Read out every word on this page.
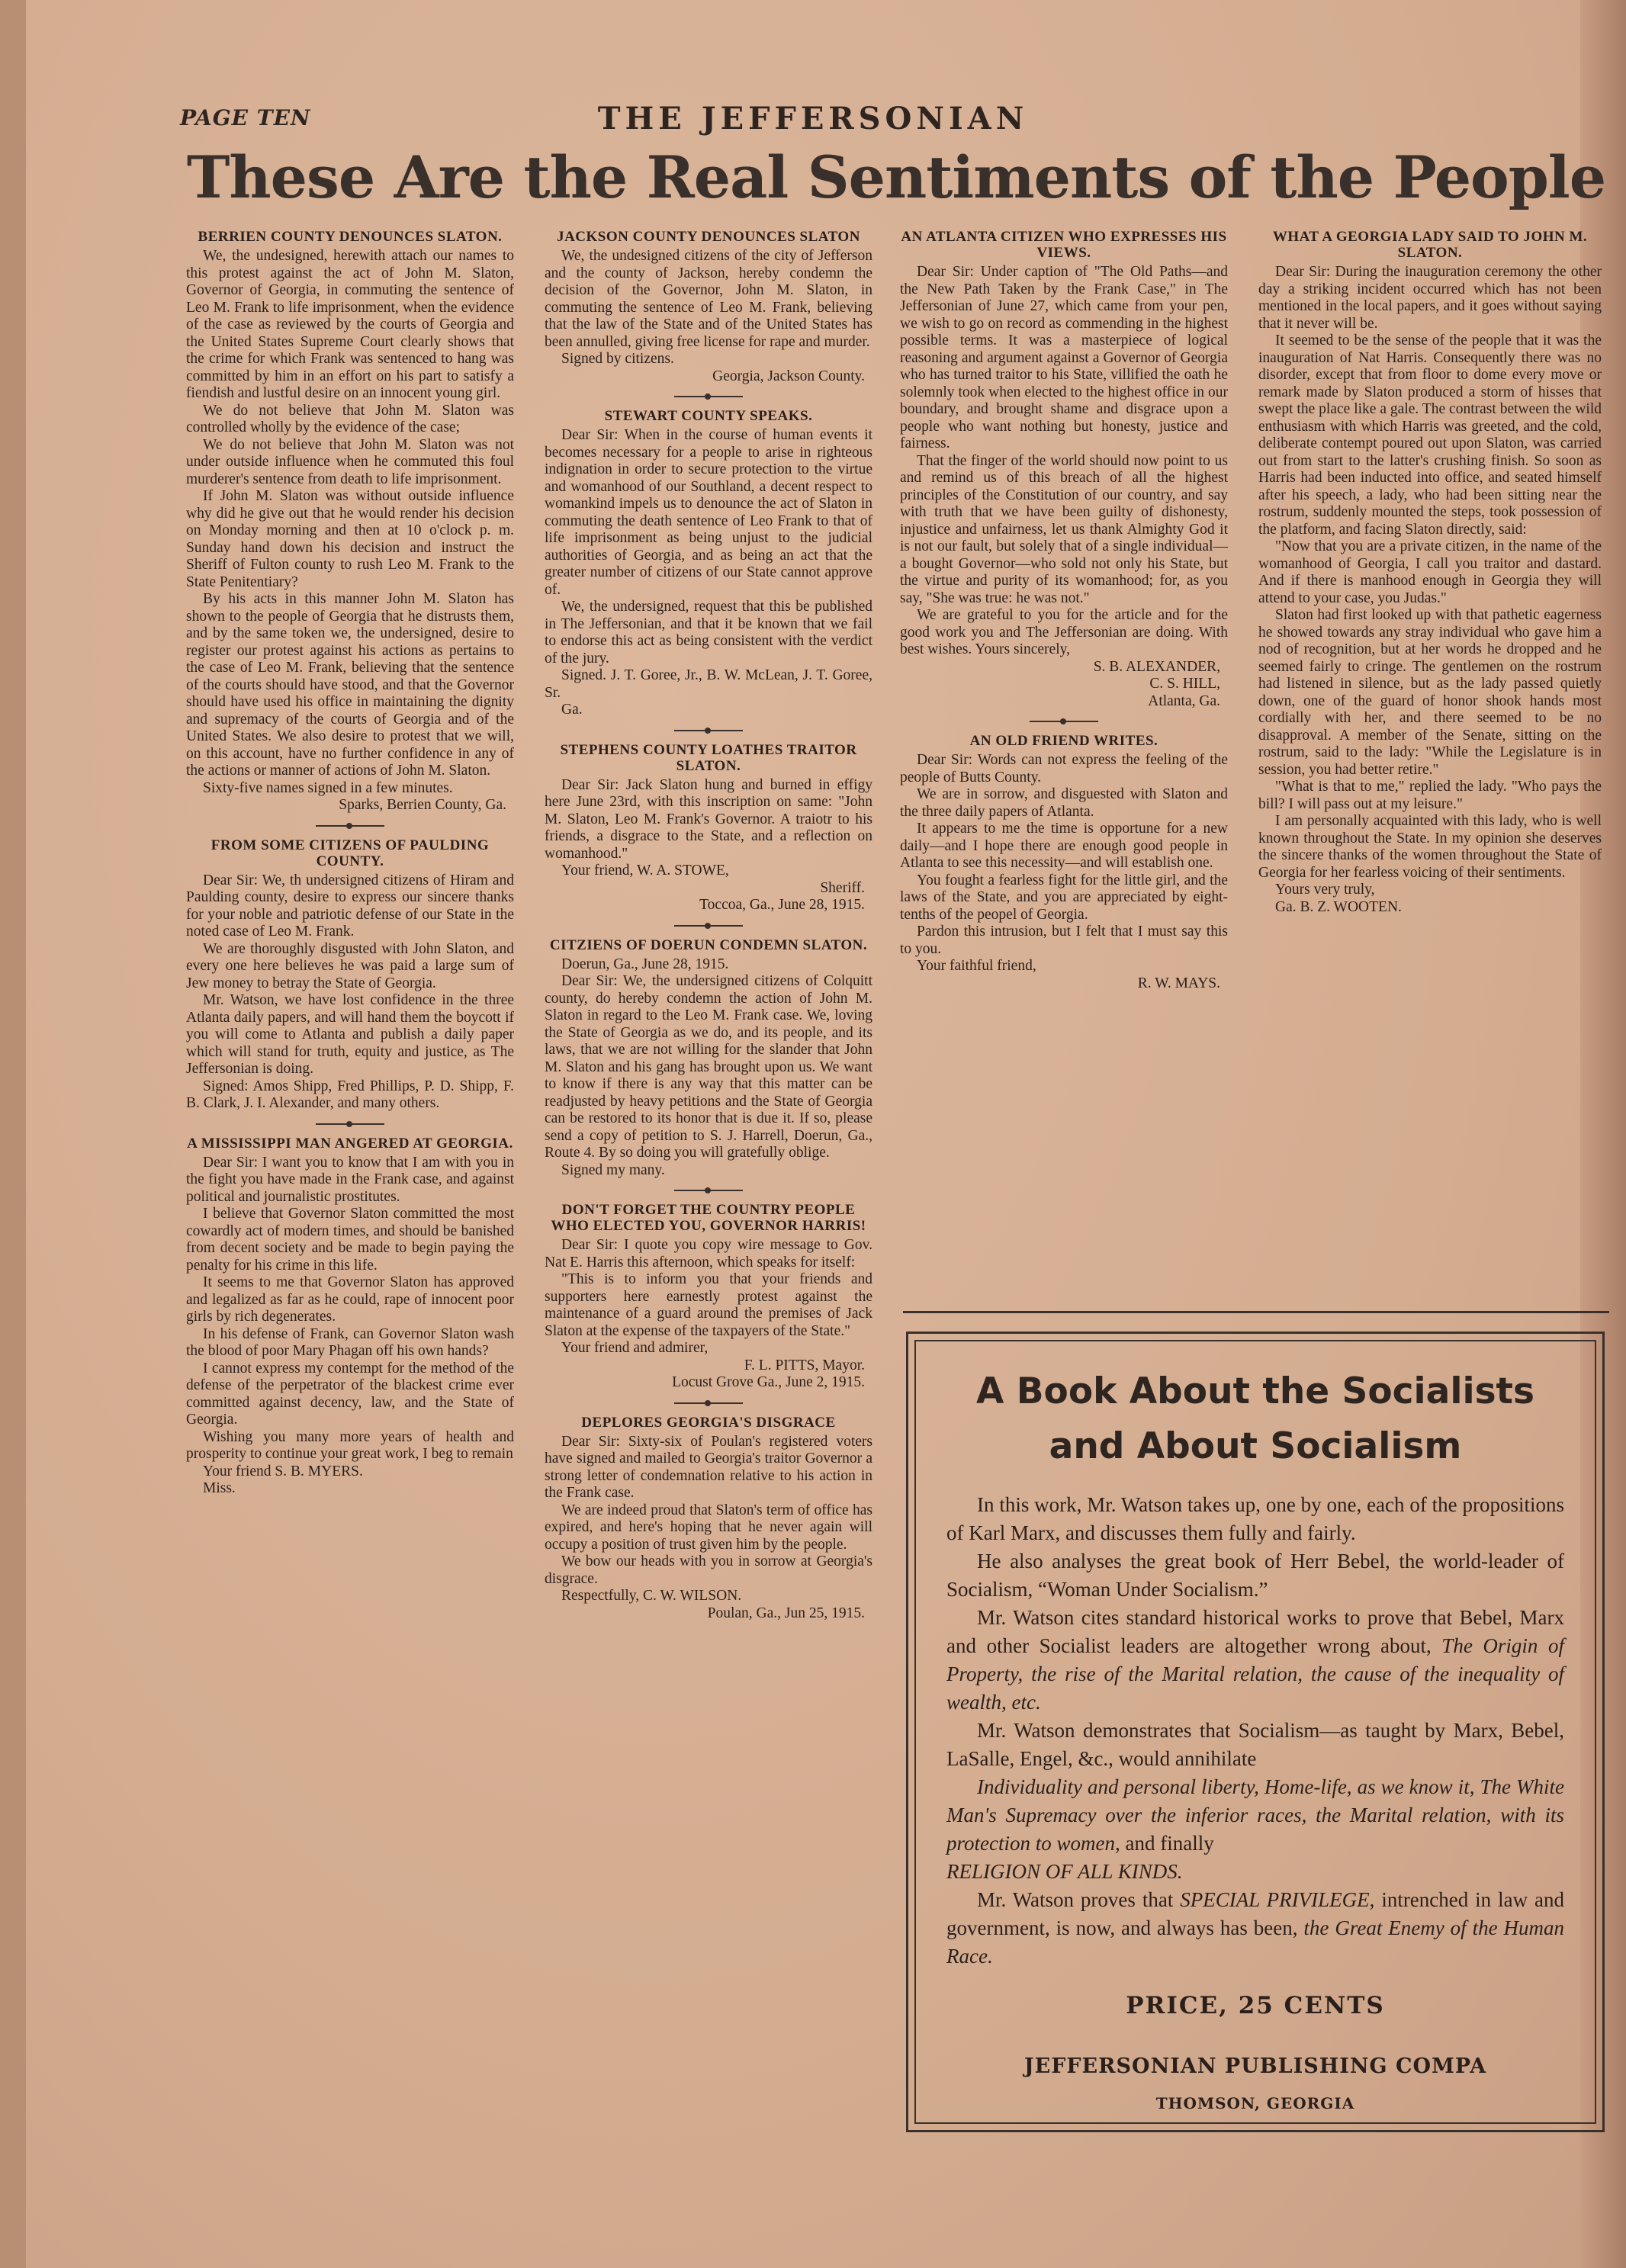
PAGE TEN	THE JEFFERSONIAN
These Are the Real Sentiments of the People
BERRIEN COUNTY DENOUNCES SLATON.

We, the undesigned, herewith attach our names to this protest against the act of John M. Slaton, Governor of Georgia, in commuting the sentence of Leo M. Frank to life imprisonment, when the evidence of the case as reviewed by the courts of Georgia and the United States Supreme Court clearly shows that the crime for which Frank was sentenced to hang was committed by him in an effort on his part to satisfy a fiendish and lustful desire on an innocent young girl.

We do not believe that John M. Slaton was controlled wholly by the evidence of the case;

We do not believe that John M. Slaton was not under outside influence when he commuted this foul murderer's sentence from death to life imprisonment.

If John M. Slaton was without outside influence why did he give out that he would render his decision on Monday morning and then at 10 o'clock p. m. Sunday hand down his decision and instruct the Sheriff of Fulton county to rush Leo M. Frank to the State Penitentiary?

By his acts in this manner John M. Slaton has shown to the people of Georgia that he distrusts them, and by the same token we, the undersigned, desire to register our protest against his actions as pertains to the case of Leo M. Frank, believing that the sentence of the courts should have stood, and that the Governor should have used his office in maintaining the dignity and supremacy of the courts of Georgia and of the United States. We also desire to protest that we will, on this account, have no further confidence in any of the actions or manner of actions of John M. Slaton.

Sixty-five names signed in a few minutes.

Sparks, Berrien County, Ga.
FROM SOME CITIZENS OF PAULDING COUNTY.

Dear Sir: We, th undersigned citizens of Hiram and Paulding county, desire to express our sincere thanks for your noble and patriotic defense of our State in the noted case of Leo M. Frank.

We are thoroughly disgusted with John Slaton, and every one here believes he was paid a large sum of Jew money to betray the State of Georgia.

Mr. Watson, we have lost confidence in the three Atlanta daily papers, and will hand them the boycott if you will come to Atlanta and publish a daily paper which will stand for truth, equity and justice, as The Jeffersonian is doing.

Signed: Amos Shipp, Fred Phillips, P. D. Shipp, F. B. Clark, J. I. Alexander, and many others.

A MISSISSIPPI MAN ANGERED AT GEORGIA.

Dear Sir: I want you to know that I am with you in the fight you have made in the Frank case, and against political and journalistic prostitutes.

I believe that Governor Slaton committed the most cowardly act of modern times, and should be banished from decent society and be made to begin paying the penalty for his crime in this life.

It seems to me that Governor Slaton has approved and legalized as far as he could, rape of innocent poor girls by rich degenerates.

In his defense of Frank, can Governor Slaton wash the blood of poor Mary Phagan off his own hands?

I cannot express my contempt for the method of the defense of the perpetrator of the blackest crime ever committed against decency, law, and the State of Georgia.

Wishing you many more years of health and prosperity to continue your great work, I beg to remain

Your friend S. B. MYERS.

Miss.

JACKSON COUNTY DENOUNCES SLATON

We, the undesigned citizens of the city of Jefferson and the county of Jackson, hereby condemn the decision of the Governor, John M. Slaton, in commuting the sentence of Leo M. Frank, believing that the law of the State and of the United States has been annulled, giving free license for rape and murder.

Signed by citizens.

Georgia, Jackson County.
STEWART COUNTY SPEAKS.

Dear Sir: When in the course of human events it becomes necessary for a people to arise in righteous indignation in order to secure protection to the virtue and womanhood of our Southland, a decent respect to womankind impels us to denounce the act of Slaton in commuting the death sentence of Leo Frank to that of life imprisonment as being unjust to the judicial authorities of Georgia, and as being an act that the greater number of citizens of our State cannot approve of.

We, the undersigned, request that this be published in The Jeffersonian, and that it be known that we fail to endorse this act as being consistent with the verdict of the jury.

Signed. J. T. Goree, Jr., B. W. McLean, J. T. Goree, Sr.

Ga.

STEPHENS COUNTY LOATHES TRAITOR SLATON.

Dear Sir: Jack Slaton hung and burned in effigy here June 23rd, with this inscription on same: "John M. Slaton, Leo M. Frank's Governor. A traiotr to his friends, a disgrace to the State, and a reflection on womanhood."

Your friend, W. A. STOWE,

Sheriff.
Toccoa, Ga., June 28, 1915.
CITZIENS OF DOERUN CONDEMN SLATON.

Doerun, Ga., June 28, 1915.

Dear Sir: We, the undersigned citizens of Colquitt county, do hereby condemn the action of John M. Slaton in regard to the Leo M. Frank case. We, loving the State of Georgia as we do, and its people, and its laws, that we are not willing for the slander that John M. Slaton and his gang has brought upon us. We want to know if there is any way that this matter can be readjusted by heavy petitions and the State of Georgia can be restored to its honor that is due it. If so, please send a copy of petition to S. J. Harrell, Doerun, Ga., Route 4. By so doing you will gratefully oblige.

Signed my many.

DON'T FORGET THE COUNTRY PEOPLE WHO ELECTED YOU, GOVERNOR HARRIS!

Dear Sir: I quote you copy wire message to Gov. Nat E. Harris this afternoon, which speaks for itself:

"This is to inform you that your friends and supporters here earnestly protest against the maintenance of a guard around the premises of Jack Slaton at the expense of the taxpayers of the State."

Your friend and admirer,

F. L. PITTS, Mayor.
Locust Grove Ga., June 2, 1915.
DEPLORES GEORGIA'S DISGRACE

Dear Sir: Sixty-six of Poulan's registered voters have signed and mailed to Georgia's traitor Governor a strong letter of condemnation relative to his action in the Frank case.

We are indeed proud that Slaton's term of office has expired, and here's hoping that he never again will occupy a position of trust given him by the people.

We bow our heads with you in sorrow at Georgia's disgrace.

Respectfully, C. W. WILSON.

Poulan, Ga., Jun 25, 1915.
AN ATLANTA CITIZEN WHO EXPRESSES HIS VIEWS.

Dear Sir: Under caption of "The Old Paths—and the New Path Taken by the Frank Case," in The Jeffersonian of June 27, which came from your pen, we wish to go on record as commending in the highest possible terms. It was a masterpiece of logical reasoning and argument against a Governor of Georgia who has turned traitor to his State, villified the oath he solemnly took when elected to the highest office in our boundary, and brought shame and disgrace upon a people who want nothing but honesty, justice and fairness.

That the finger of the world should now point to us and remind us of this breach of all the highest principles of the Constitution of our country, and say with truth that we have been guilty of dishonesty, injustice and unfairness, let us thank Almighty God it is not our fault, but solely that of a single individual—a bought Governor—who sold not only his State, but the virtue and purity of its womanhood; for, as you say, "She was true: he was not."

We are grateful to you for the article and for the good work you and The Jeffersonian are doing. With best wishes. Yours sincerely,

S. B. ALEXANDER,
C. S. HILL,
Atlanta, Ga.
AN OLD FRIEND WRITES.

Dear Sir: Words can not express the feeling of the people of Butts County.

We are in sorrow, and disguested with Slaton and the three daily papers of Atlanta.

It appears to me the time is opportune for a new daily—and I hope there are enough good people in Atlanta to see this necessity—and will establish one.

You fought a fearless fight for the little girl, and the laws of the State, and you are appreciated by eight-tenths of the peopel of Georgia.

Pardon this intrusion, but I felt that I must say this to you.

Your faithful friend,

R. W. MAYS.
WHAT A GEORGIA LADY SAID TO JOHN M. SLATON.

Dear Sir: During the inauguration ceremony the other day a striking incident occurred which has not been mentioned in the local papers, and it goes without saying that it never will be.

It seemed to be the sense of the people that it was the inauguration of Nat Harris. Consequently there was no disorder, except that from floor to dome every move or remark made by Slaton produced a storm of hisses that swept the place like a gale. The contrast between the wild enthusiasm with which Harris was greeted, and the cold, deliberate contempt poured out upon Slaton, was carried out from start to the latter's crushing finish. So soon as Harris had been inducted into office, and seated himself after his speech, a lady, who had been sitting near the rostrum, suddenly mounted the steps, took possession of the platform, and facing Slaton directly, said:

"Now that you are a private citizen, in the name of the womanhood of Georgia, I call you traitor and dastard. And if there is manhood enough in Georgia they will attend to your case, you Judas."

Slaton had first looked up with that pathetic eagerness he showed towards any stray individual who gave him a nod of recognition, but at her words he dropped and he seemed fairly to cringe. The gentlemen on the rostrum had listened in silence, but as the lady passed quietly down, one of the guard of honor shook hands most cordially with her, and there seemed to be no disapproval. A member of the Senate, sitting on the rostrum, said to the lady: "While the Legislature is in session, you had better retire."

"What is that to me," replied the lady. "Who pays the bill? I will pass out at my leisure."

I am personally acquainted with this lady, who is well known throughout the State. In my opinion she deserves the sincere thanks of the women throughout the State of Georgia for her fearless voicing of their sentiments.

Yours very truly,

Ga. B. Z. WOOTEN.

A Book About the Socialists
and About Socialism

In this work, Mr. Watson takes up, one by one, each of the propositions of Karl Marx, and discusses them fully and fairly.

He also analyses the great book of Herr Bebel, the world-leader of Socialism, “Woman Under Socialism.”

Mr. Watson cites standard historical works to prove that Bebel, Marx and other Socialist leaders are altogether wrong about, The Origin of Property, the rise of the Marital relation, the cause of the inequality of wealth, etc.

Mr. Watson demonstrates that Socialism—as taught by Marx, Bebel, LaSalle, Engel, &c., would annihilate

Individuality and personal liberty, Home-life, as we know it, The White Man's Supremacy over the inferior races, the Marital relation, with its protection to women, and finally
RELIGION OF ALL KINDS.

Mr. Watson proves that SPECIAL PRIVILEGE, intrenched in law and government, is now, and always has been, the Great Enemy of the Human Race.

PRICE, 25 CENTS
JEFFERSONIAN PUBLISHING COMPA
THOMSON, GEORGIA
